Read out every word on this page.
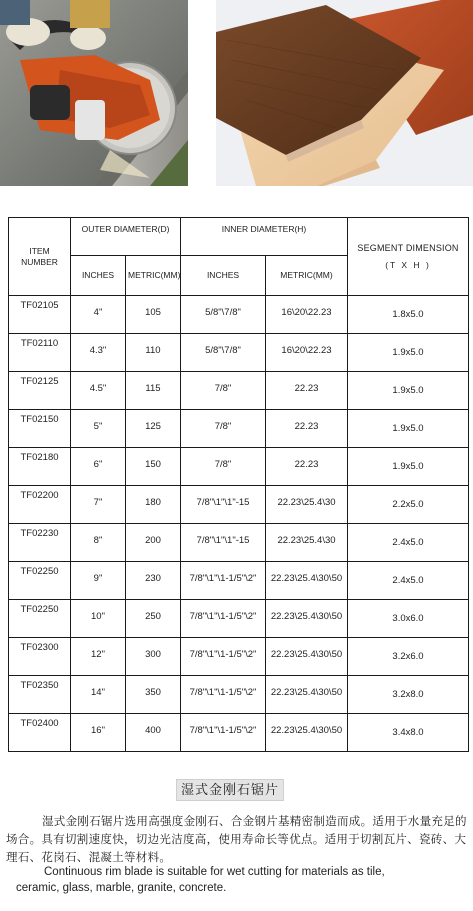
ITEM NUMBER	OUTER DIAMETER(D)		INNER DIAMETER(H)		SEGMENT DIMENSION
(T X H )

	INCHES	METRIC(MM)	INCHES	METRIC(MM)	
TF02105	4"	105	5/8"\7/8"	16\20\22.23	1.8x5.0
TF02110	4.3"	110	5/8"\7/8"	16\20\22.23	1.9x5.0
TF02125	4.5"	115	7/8"	22.23	1.9x5.0
TF02150	5"	125	7/8"	22.23	1.9x5.0
TF02180	6"	150	7/8"	22.23	1.9x5.0
TF02200	7"	180	7/8"\1"\1"-15	22.23\25.4\30	2.2x5.0
TF02230	8"	200	7/8"\1"\1"-15	22.23\25.4\30	2.4x5.0
TF02250	9"	230	7/8"\1"\1-1/5"\2"	22.23\25.4\30\50	2.4x5.0
TF02250	10"	250	7/8"\1"\1-1/5"\2"	22.23\25.4\30\50	3.0x6.0
TF02300	12"	300	7/8"\1"\1-1/5"\2"	22.23\25.4\30\50	3.2x6.0
TF02350	14"	350	7/8"\1"\1-1/5"\2"	22.23\25.4\30\50	3.2x8.0
TF02400	16"	400	7/8"\1"\1-1/5"\2"	22.23\25.4\30\50	3.4x8.0
湿式金刚石锯片

湿式金刚石锯片选用高强度金刚石、合金钢片基精密制造而成。适用于水量充足的场合。具有切割速度快，切边光洁度高，使用寿命长等优点。适用于切割瓦片、瓷砖、大理石、花岗石、混凝土等材料。

Continuous rim blade is suitable for wet cutting for materials as tile,
ceramic, glass, marble, granite, concrete.
